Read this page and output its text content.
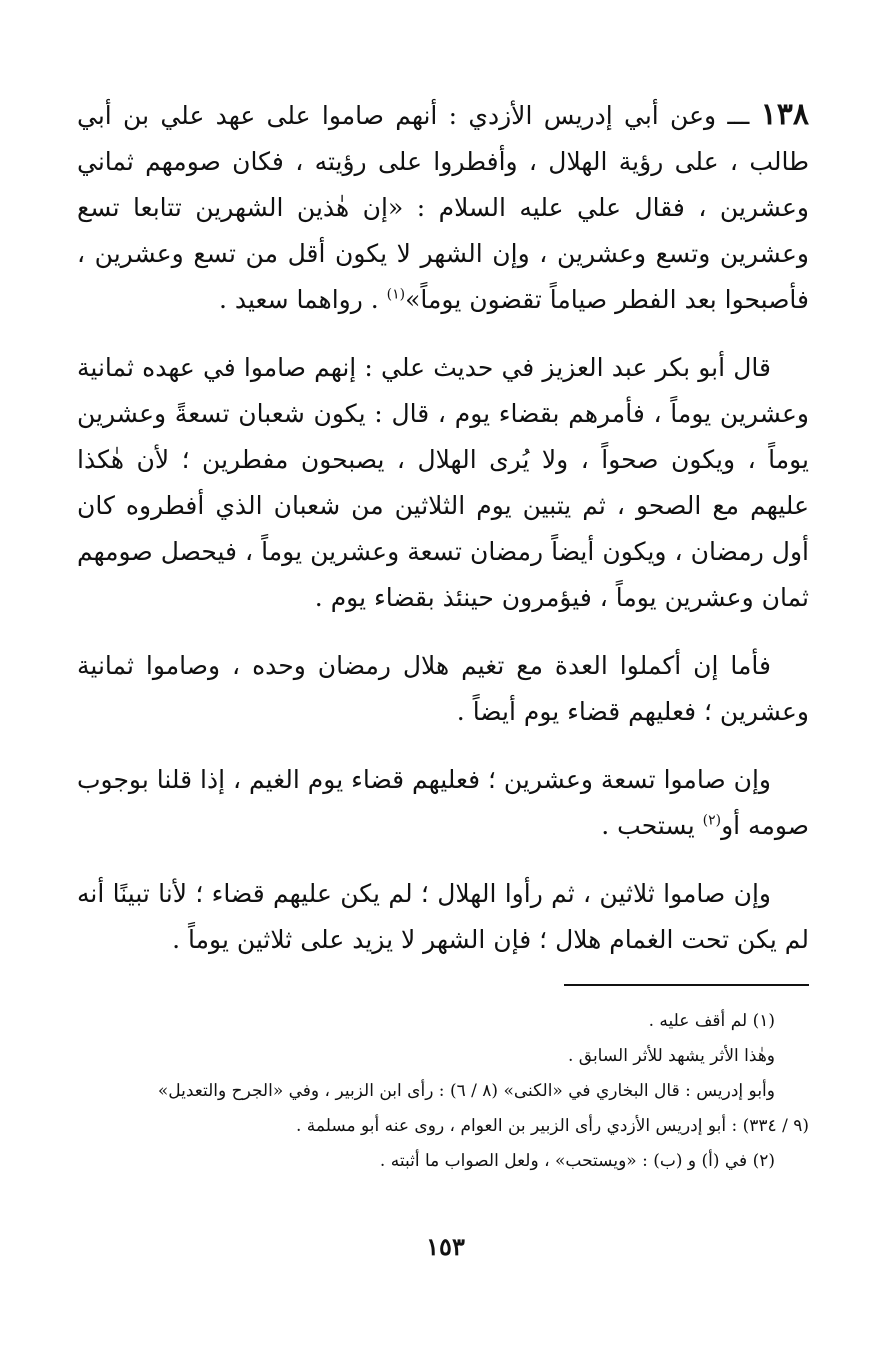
١٣٨ ـــ وعن أبي إدريس الأزدي : أنهم صاموا على عهد علي بن أبي طالب ، على رؤية الهلال ، وأفطروا على رؤيته ، فكان صومهم ثماني وعشرين ، فقال علي عليه السلام : «إن هٰذين الشهرين تتابعا تسع وعشرين وتسع وعشرين ، وإن الشهر لا يكون أقل من تسع وعشرين ، فأصبحوا بعد الفطر صياماً تقضون يوماً»$^{(١)}$ . رواهما سعيد .

قال أبو بكر عبد العزيز في حديث علي : إنهم صاموا في عهده ثمانية وعشرين يوماً ، فأمرهم بقضاء يوم ، قال : يكون شعبان تسعةً وعشرين يوماً ، ويكون صحواً ، ولا يُرى الهلال ، يصبحون مفطرين ؛ لأن هٰكذا عليهم مع الصحو ، ثم يتبين يوم الثلاثين من شعبان الذي أفطروه كان أول رمضان ، ويكون أيضاً رمضان تسعة وعشرين يوماً ، فيحصل صومهم ثمان وعشرين يوماً ، فيؤمرون حينئذ بقضاء يوم .

فأما إن أكملوا العدة مع تغيم هلال رمضان وحده ، وصاموا ثمانية وعشرين ؛ فعليهم قضاء يوم أيضاً .

وإن صاموا تسعة وعشرين ؛ فعليهم قضاء يوم الغيم ، إذا قلنا بوجوب صومه أو$^{(٢)}$ يستحب .

وإن صاموا ثلاثين ، ثم رأوا الهلال ؛ لم يكن عليهم قضاء ؛ لأنا تبينًا أنه لم يكن تحت الغمام هلال ؛ فإن الشهر لا يزيد على ثلاثين يوماً .

(١) لم أقف عليه .

وهٰذا الأثر يشهد للأثر السابق .

وأبو إدريس : قال البخاري في «الكنى» (٨ / ٦) : رأى ابن الزبير ، وفي «الجرح والتعديل»

(٩ / ٣٣٤) : أبو إدريس الأزدي رأى الزبير بن العوام ، روى عنه أبو مسلمة .

(٢) في (أ) و (ب) : «ويستحب» ، ولعل الصواب ما أثبته .

١٥٣
